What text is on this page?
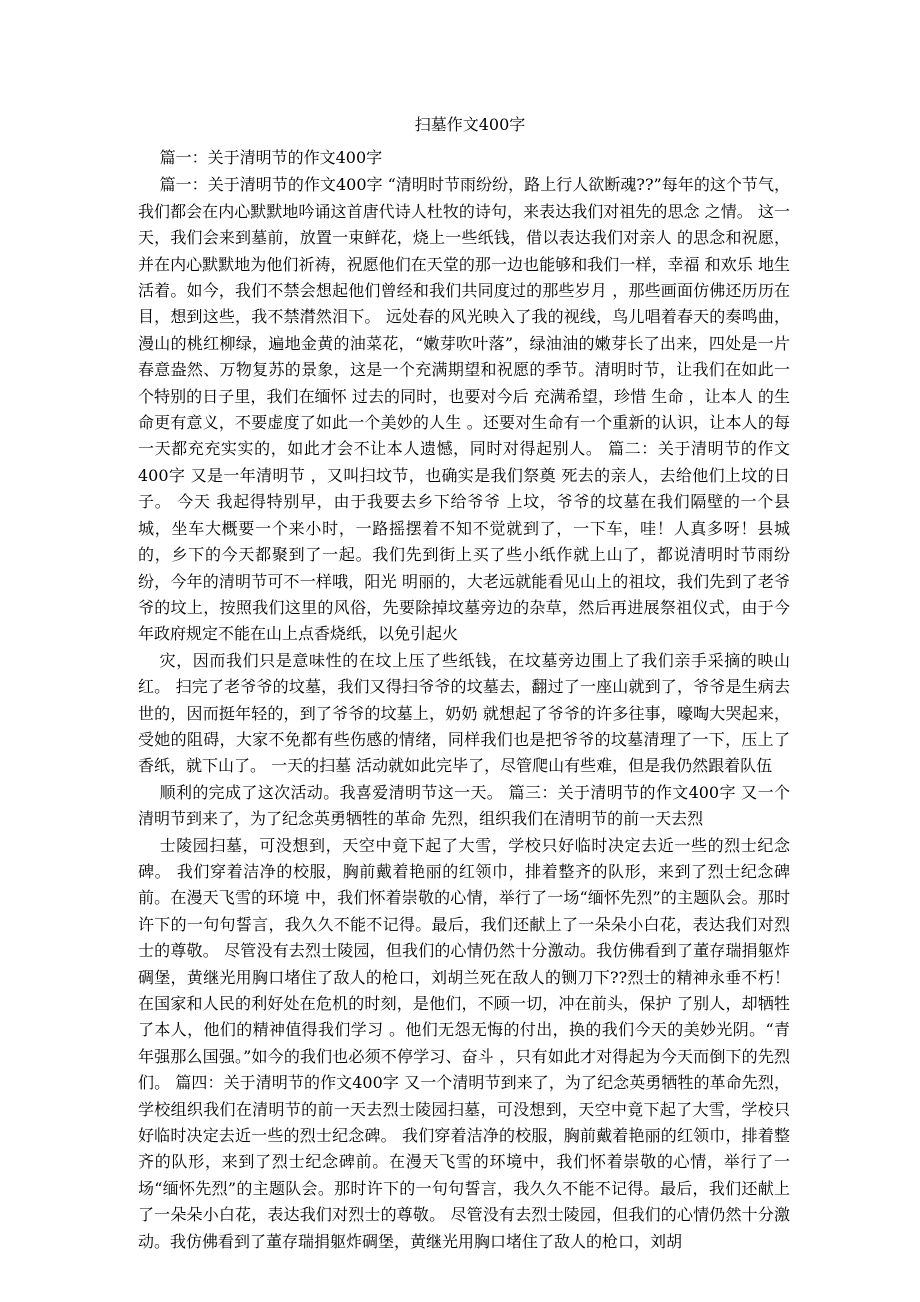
扫墓作文400字

篇一：关于清明节的作文400字

篇一：关于清明节的作文400字 “清明时节雨纷纷，路上行人欲断魂??”每年的这个节气，我们都会在内心默默地吟诵这首唐代诗人杜牧的诗句，来表达我们对祖先的思念 之情。 这一天，我们会来到墓前，放置一束鲜花，烧上一些纸钱，借以表达我们对亲人 的思念和祝愿，并在内心默默地为他们祈祷，祝愿他们在天堂的那一边也能够和我们一样，幸福 和欢乐 地生活着。如今，我们不禁会想起他们曾经和我们共同度过的那些岁月 ，那些画面仿佛还历历在目，想到这些，我不禁潸然泪下。 远处春的风光映入了我的视线，鸟儿唱着春天的奏鸣曲，漫山的桃红柳绿，遍地金黄的油菜花，“嫩芽吹叶落”，绿油油的嫩芽长了出来，四处是一片春意盎然、万物复苏的景象，这是一个充满期望和祝愿的季节。清明时节，让我们在如此一个特别的日子里，我们在缅怀 过去的同时，也要对今后 充满希望，珍惜 生命 ，让本人 的生命更有意义，不要虚度了如此一个美妙的人生 。还要对生命有一个重新的认识，让本人的每一天都充充实实的，如此才会不让本人遗憾，同时对得起别人。 篇二：关于清明节的作文400字 又是一年清明节 ，又叫扫坟节，也确实是我们祭奠 死去的亲人，去给他们上坟的日子。 今天 我起得特别早，由于我要去乡下给爷爷 上坟，爷爷的坟墓在我们隔壁的一个县城，坐车大概要一个来小时，一路摇摆着不知不觉就到了，一下车，哇！人真多呀！县城的，乡下的今天都聚到了一起。我们先到街上买了些小纸作就上山了，都说清明时节雨纷纷，今年的清明节可不一样哦，阳光 明丽的，大老远就能看见山上的祖坟，我们先到了老爷爷的坟上，按照我们这里的风俗，先要除掉坟墓旁边的杂草，然后再进展祭祖仪式，由于今年政府规定不能在山上点香烧纸，以免引起火

灾，因而我们只是意味性的在坟上压了些纸钱，在坟墓旁边围上了我们亲手采摘的映山红。 扫完了老爷爷的坟墓，我们又得扫爷爷的坟墓去，翻过了一座山就到了，爷爷是生病去世的，因而挺年轻的，到了爷爷的坟墓上，奶奶 就想起了爷爷的许多往事，嚎啕大哭起来，受她的阻碍，大家不免都有些伤感的情绪，同样我们也是把爷爷的坟墓清理了一下，压上了香纸，就下山了。 一天的扫墓 活动就如此完毕了，尽管爬山有些难，但是我仍然跟着队伍

顺利的完成了这次活动。我喜爱清明节这一天。 篇三：关于清明节的作文400字 又一个清明节到来了，为了纪念英勇牺牲的革命 先烈，组织我们在清明节的前一天去烈

士陵园扫墓，可没想到，天空中竟下起了大雪，学校只好临时决定去近一些的烈士纪念碑。 我们穿着洁净的校服，胸前戴着艳丽的红领巾，排着整齐的队形，来到了烈士纪念碑前。在漫天飞雪的环境 中，我们怀着崇敬的心情，举行了一场“缅怀先烈”的主题队会。那时许下的一句句誓言，我久久不能不记得。最后，我们还献上了一朵朵小白花，表达我们对烈士的尊敬。 尽管没有去烈士陵园，但我们的心情仍然十分激动。我仿佛看到了董存瑞捐躯炸碉堡，黄继光用胸口堵住了敌人的枪口，刘胡兰死在敌人的铡刀下??烈士的精神永垂不朽！ 在国家和人民的利好处在危机的时刻，是他们，不顾一切，冲在前头，保护 了别人，却牺牲了本人，他们的精神值得我们学习 。他们无怨无悔的付出，换的我们今天的美妙光阴。“青年强那么国强。”如今的我们也必须不停学习、奋斗 ，只有如此才对得起为今天而倒下的先烈们。 篇四：关于清明节的作文400字 又一个清明节到来了，为了纪念英勇牺牲的革命先烈，学校组织我们在清明节的前一天去烈士陵园扫墓，可没想到，天空中竟下起了大雪，学校只好临时决定去近一些的烈士纪念碑。 我们穿着洁净的校服，胸前戴着艳丽的红领巾，排着整齐的队形，来到了烈士纪念碑前。在漫天飞雪的环境中，我们怀着崇敬的心情，举行了一场“缅怀先烈”的主题队会。那时许下的一句句誓言，我久久不能不记得。最后，我们还献上了一朵朵小白花，表达我们对烈士的尊敬。 尽管没有去烈士陵园，但我们的心情仍然十分激动。我仿佛看到了董存瑞捐躯炸碉堡，黄继光用胸口堵住了敌人的枪口，刘胡
